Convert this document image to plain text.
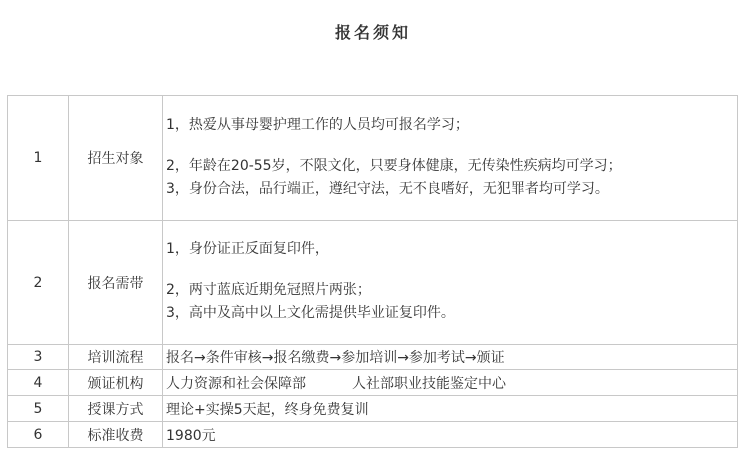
报名须知
1	招生对象	1，热爱从事母婴护理工作的人员均可报名学习；
2，年龄在20-55岁，不限文化，只要身体健康，无传染性疾病均可学习；
3，身份合法，品行端正，遵纪守法，无不良嗜好，无犯罪者均可学习。

2	报名需带	1，身份证正反面复印件，
2，两寸蓝底近期免冠照片两张；
3，高中及高中以上文化需提供毕业证复印件。

3	培训流程	报名→条件审核→报名缴费→参加培训→参加考试→颁证
4	颁证机构	人力资源和社会保障部 人社部职业技能鉴定中心
5	授课方式	理论+实操5天起，终身免费复训
6	标准收费	1980元
